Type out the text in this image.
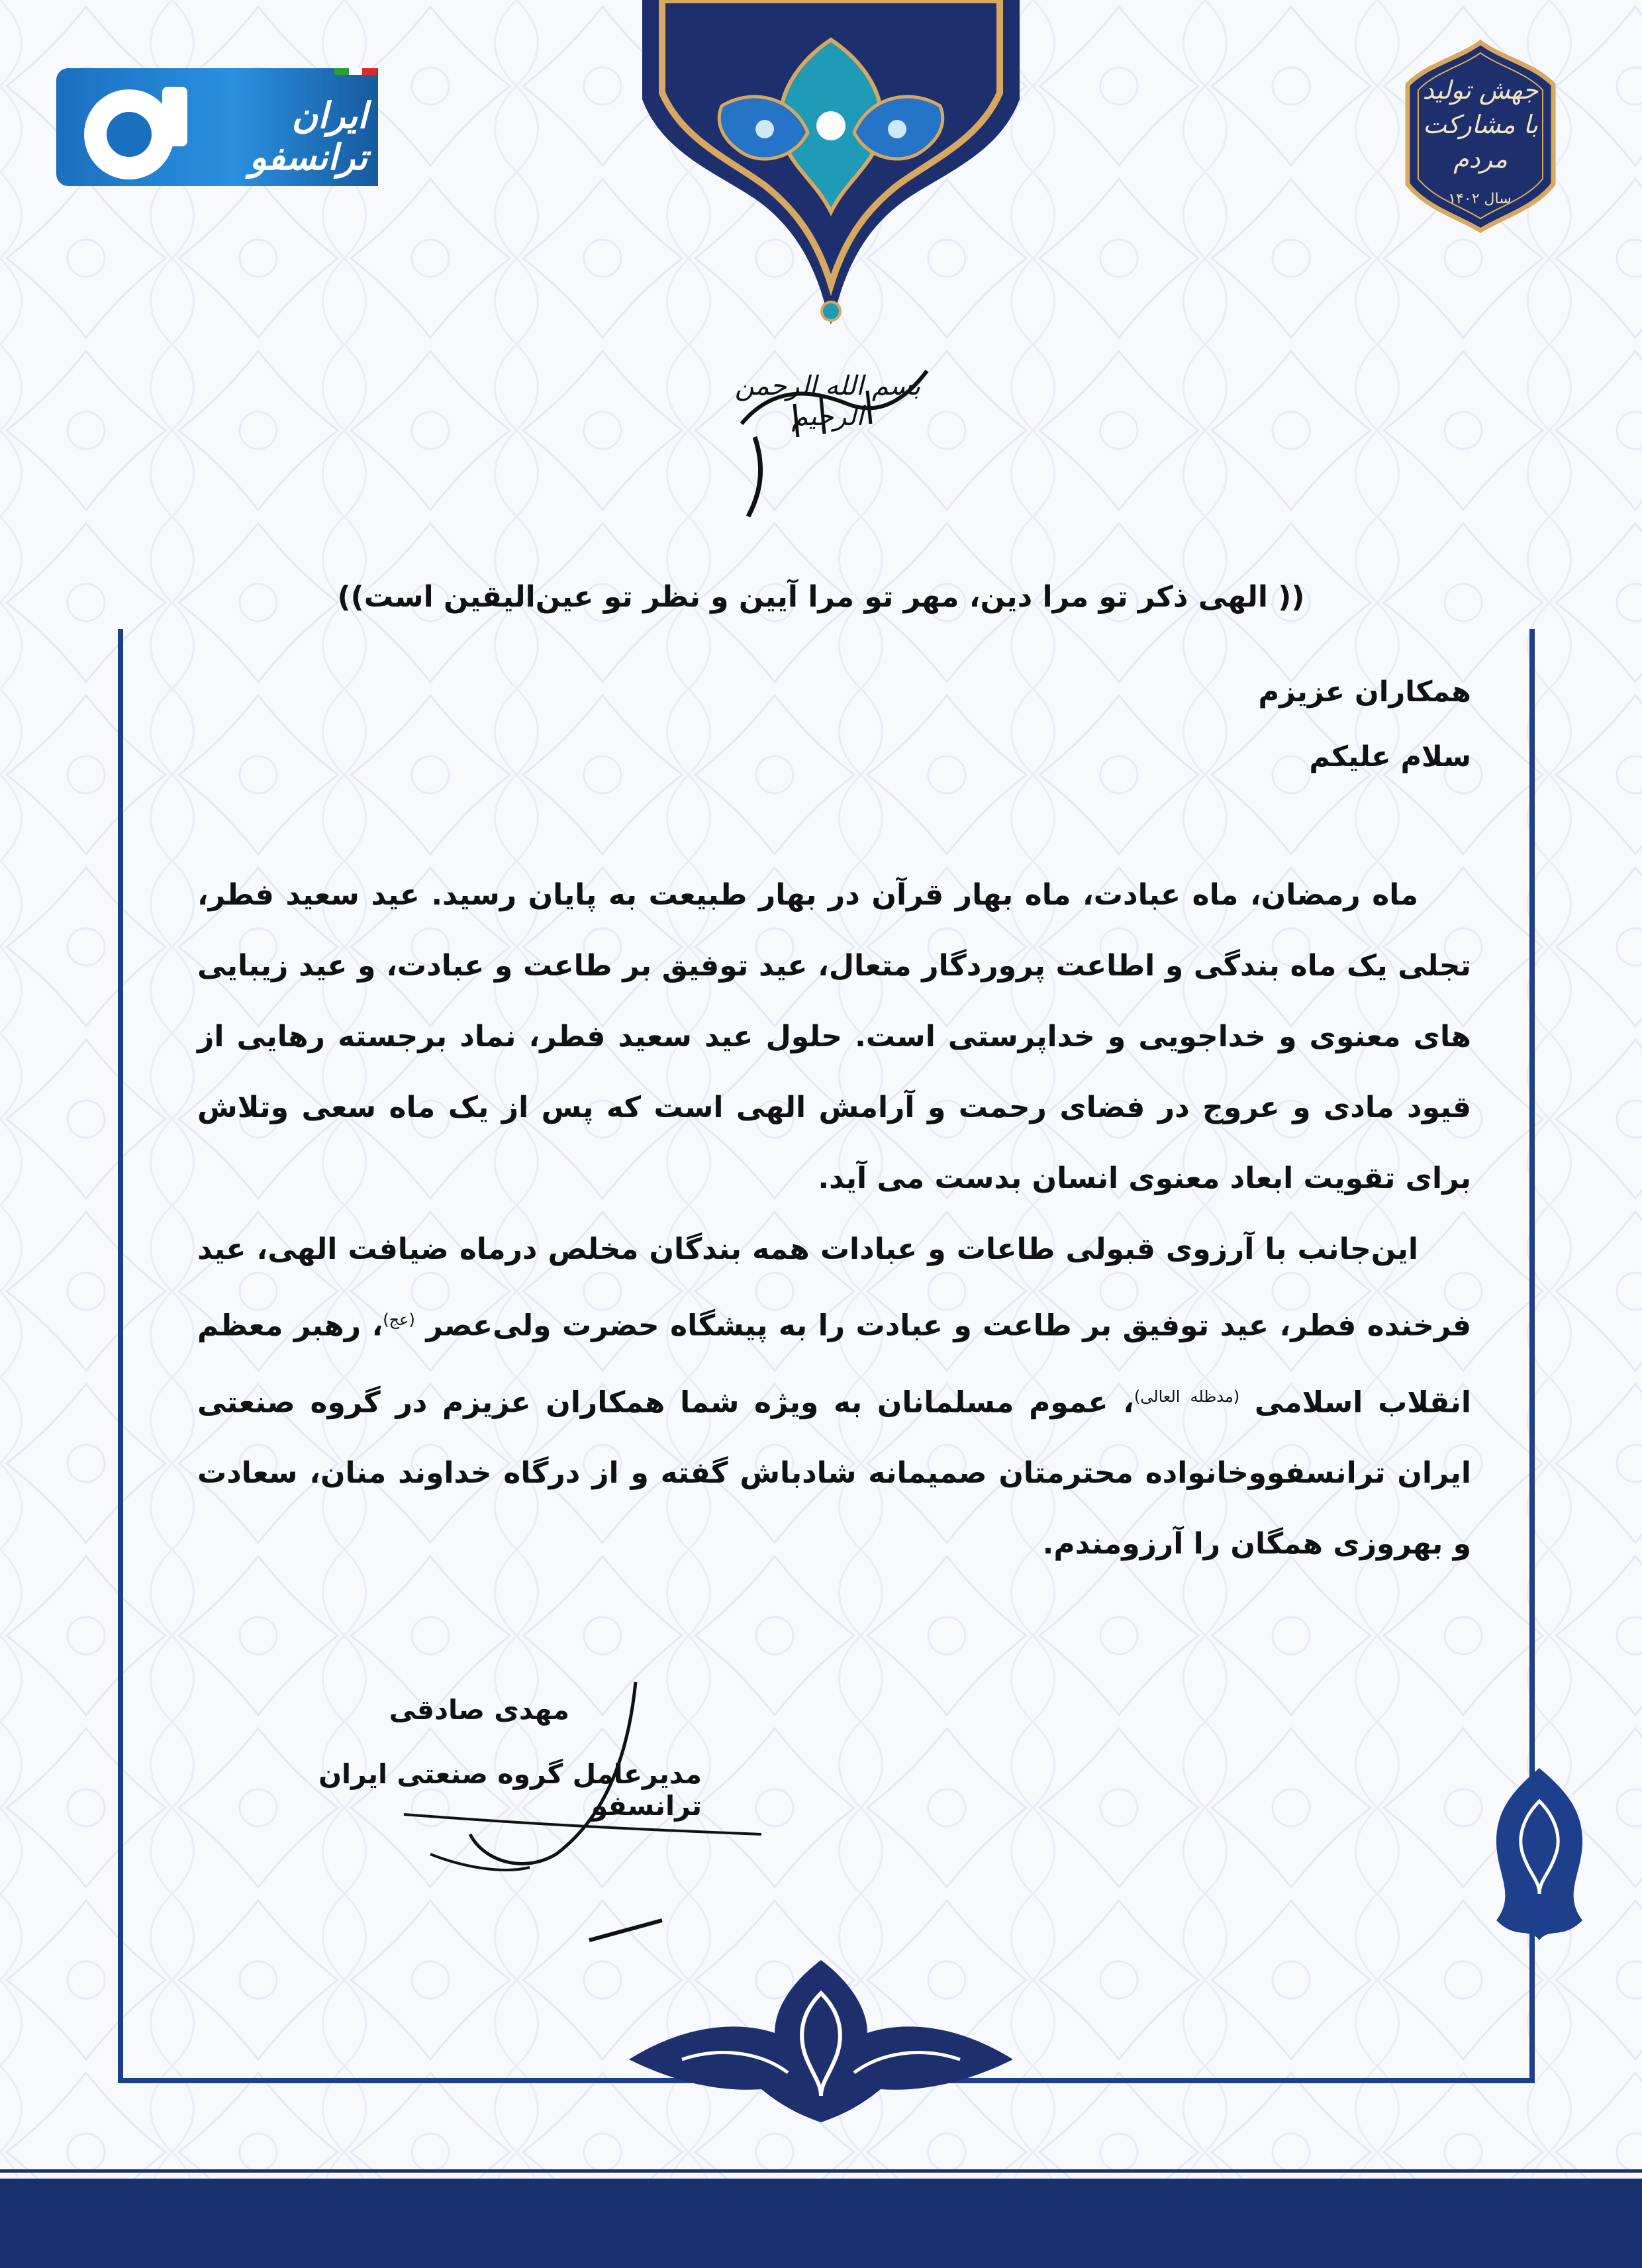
ایران ترانسفو
جهش تولید
با مشارکت مردم
سال ۱۴۰۲
بسم الله الرحمن الرحیم
(( الهی ذکر تو مرا دین، مهر تو مرا آیین و نظر تو عین‌الیقین است))
همکاران عزیزم
سلام علیکم

ماه رمضان، ماه عبادت، ماه بهار قرآن در بهار طبیعت به پایان رسید. عید سعید فطر، تجلی یک ماه بندگی و اطاعت پروردگار متعال، عید توفیق بر طاعت و عبادت، و عید زیبایی های معنوی و خداجویی و خداپرستی است. حلول عید سعید فطر، نماد برجسته رهایی از قیود مادی و عروج در فضای رحمت و آرامش الهی است که پس از یک ماه سعی وتلاش برای تقویت ابعاد معنوی انسان بدست می آید.

این‌جانب با آرزوی قبولی طاعات و عبادات همه بندگان مخلص درماه ضیافت الهی، عید فرخنده فطر، عید توفیق بر طاعت و عبادت را به پیشگاه حضرت ولی‌عصر $^{(عج)}$، رهبر معظم انقلاب اسلامی $^{(مدظله العالی)}$، عموم مسلمانان به ویژه شما همکاران عزیزم در گروه صنعتی ایران ترانسفووخانواده محترمتان صمیمانه شادباش گفته و از درگاه خداوند منان، سعادت و بهروزی همگان را آرزومندم.

مهدی صادقی
مدیرعامل گروه صنعتی ایران ترانسفو
